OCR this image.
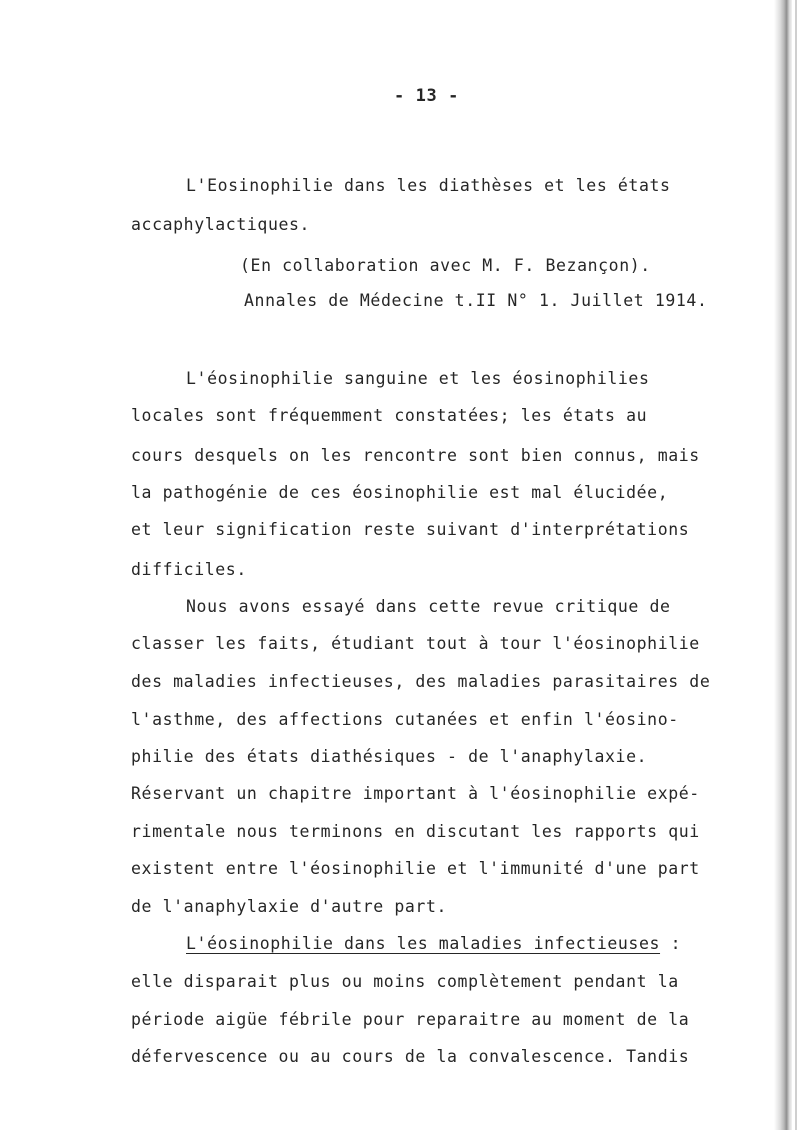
- 13 -
L'Eosinophilie dans les diathèses et les états
accaphylactiques.
(En collaboration avec M. F. Bezançon).
Annales de Médecine t.II N° 1. Juillet 1914.
L'éosinophilie sanguine et les éosinophilies
locales sont fréquemment constatées; les états au
cours desquels on les rencontre sont bien connus, mais
la pathogénie de ces éosinophilie est mal élucidée,
et leur signification reste suivant d'interprétations
difficiles.
Nous avons essayé dans cette revue critique de
classer les faits, étudiant tout à tour l'éosinophilie
des maladies infectieuses, des maladies parasitaires de
l'asthme, des affections cutanées et enfin l'éosino-
philie des états diathésiques - de l'anaphylaxie.
Réservant un chapitre important à l'éosinophilie expé-
rimentale nous terminons en discutant les rapports qui
existent entre l'éosinophilie et l'immunité d'une part
de l'anaphylaxie d'autre part.
L'éosinophilie dans les maladies infectieuses :
elle disparait plus ou moins complètement pendant la
période aigüe fébrile pour reparaitre au moment de la
défervescence ou au cours de la convalescence. Tandis
